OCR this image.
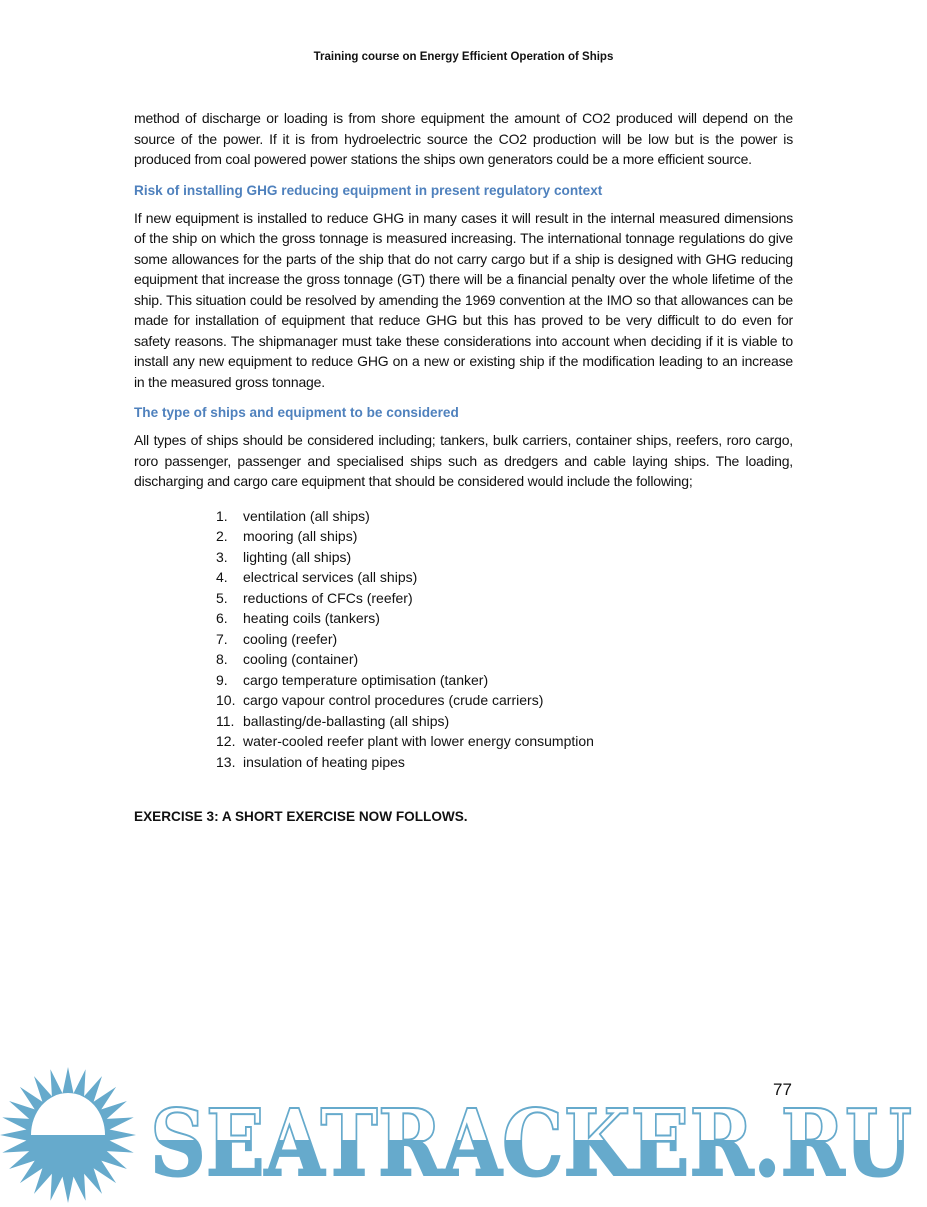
Training course on Energy Efficient Operation of Ships

method of discharge or loading is from shore equipment the amount of CO2 produced will depend on the source of the power. If it is from hydroelectric source the CO2 production will be low but is the power is produced from coal powered power stations the ships own generators could be a more efficient source.

Risk of installing GHG reducing equipment in present regulatory context

If new equipment is installed to reduce GHG in many cases it will result in the internal measured dimensions of the ship on which the gross tonnage is measured increasing. The international tonnage regulations do give some allowances for the parts of the ship that do not carry cargo but if a ship is designed with GHG reducing equipment that increase the gross tonnage (GT) there will be a financial penalty over the whole lifetime of the ship. This situation could be resolved by amending the 1969 convention at the IMO so that allowances can be made for installation of equipment that reduce GHG but this has proved to be very difficult to do even for safety reasons. The shipmanager must take these considerations into account when deciding if it is viable to install any new equipment to reduce GHG on a new or existing ship if the modification leading to an increase in the measured gross tonnage.

The type of ships and equipment to be considered

All types of ships should be considered including; tankers, bulk carriers, container ships, reefers, roro cargo, roro passenger, passenger and specialised ships such as dredgers and cable laying ships. The loading, discharging and cargo care equipment that should be considered would include the following;

1.	ventilation (all ships)
2.	mooring (all ships)
3.	lighting (all ships)
4.	electrical services (all ships)
5.	reductions of CFCs (reefer)
6.	heating coils (tankers)
7.	cooling (reefer)
8.	cooling (container)
9.	cargo temperature optimisation (tanker)
10. cargo vapour control procedures (crude carriers)
11. ballasting/de-ballasting (all ships)
12. water-cooled reefer plant with lower energy consumption
13. insulation of heating pipes
EXERCISE 3: A SHORT EXERCISE NOW FOLLOWS.
SEATRACKER.RU
77
